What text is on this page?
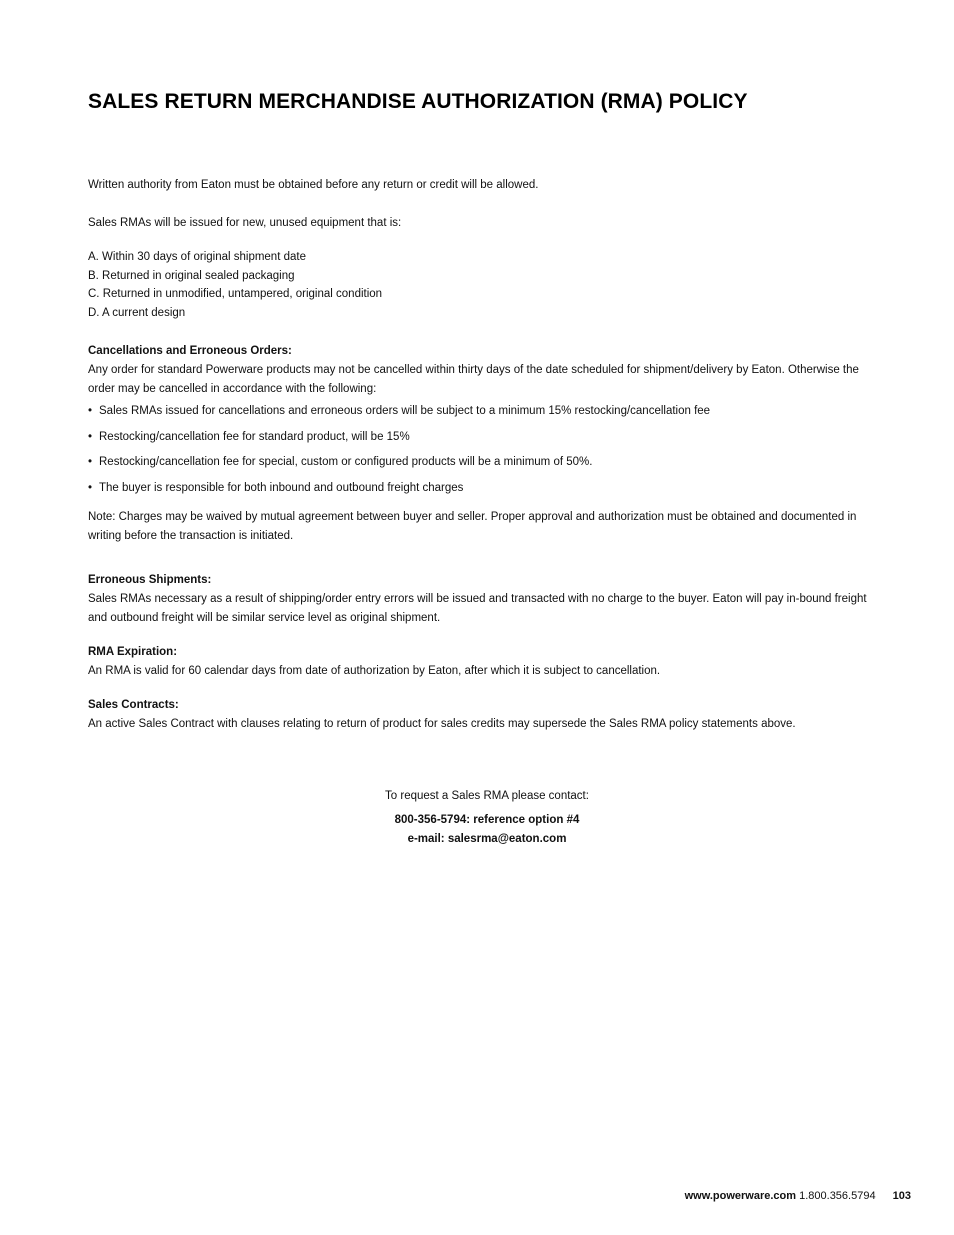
SALES RETURN MERCHANDISE AUTHORIZATION (RMA) POLICY
Written authority from Eaton must be obtained before any return or credit will be allowed.
Sales RMAs will be issued for new, unused equipment that is:
A. Within 30 days of original shipment date
B. Returned in original sealed packaging
C. Returned in unmodified, untampered, original condition
D. A current design
Cancellations and Erroneous Orders:
Any order for standard Powerware products may not be cancelled within thirty days of the date scheduled for shipment/delivery by Eaton. Otherwise the order may be cancelled in accordance with the following:
• Sales RMAs issued for cancellations and erroneous orders will be subject to a minimum 15% restocking/cancellation fee
• Restocking/cancellation fee for standard product, will be 15%
• Restocking/cancellation fee for special, custom or configured products will be a minimum of 50%.
• The buyer is responsible for both inbound and outbound freight charges
Note: Charges may be waived by mutual agreement between buyer and seller. Proper approval and authorization must be obtained and documented in writing before the transaction is initiated.
Erroneous Shipments:
Sales RMAs necessary as a result of shipping/order entry errors will be issued and transacted with no charge to the buyer. Eaton will pay in-bound freight and outbound freight will be similar service level as original shipment.
RMA Expiration:
An RMA is valid for 60 calendar days from date of authorization by Eaton, after which it is subject to cancellation.
Sales Contracts:
An active Sales Contract with clauses relating to return of product for sales credits may supersede the Sales RMA policy statements above.
To request a Sales RMA please contact:
800-356-5794: reference option #4
e-mail: salesrma@eaton.com
www.powerware.com 1.800.356.5794 103
